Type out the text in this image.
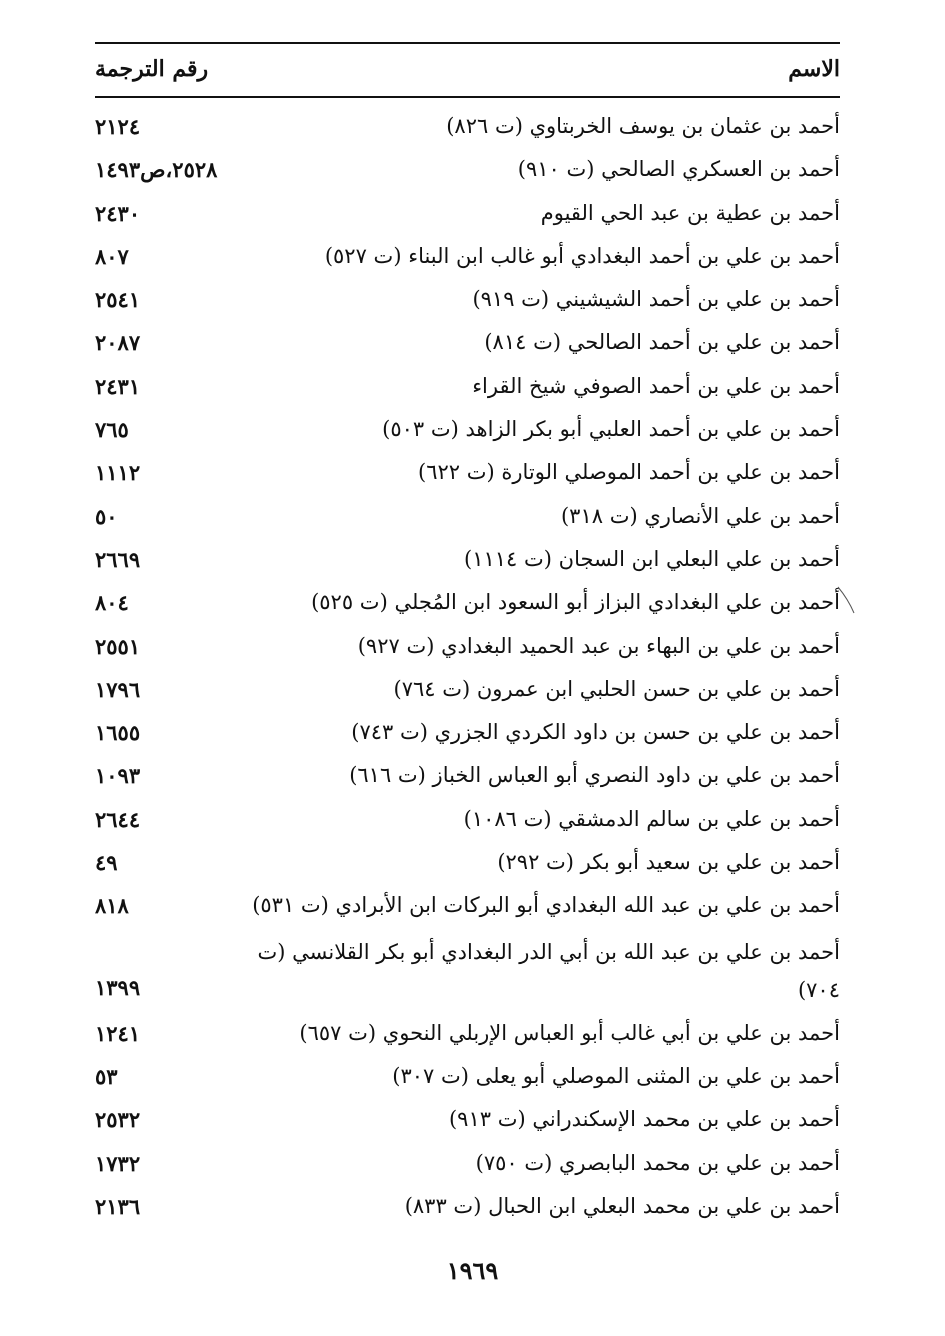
الاسم
رقم الترجمة
أحمد بن عثمان بن يوسف الخربتاوي (ت ٨٢٦)
٢١٢٤
أحمد بن العسكري الصالحي (ت ٩١٠)
٢٥٢٨،ص١٤٩٣
أحمد بن عطية بن عبد الحي القيوم
٢٤٣٠
أحمد بن علي بن أحمد البغدادي أبو غالب ابن البناء (ت ٥٢٧)
٨٠٧
أحمد بن علي بن أحمد الشيشيني (ت ٩١٩)
٢٥٤١
أحمد بن علي بن أحمد الصالحي (ت ٨١٤)
٢٠٨٧
أحمد بن علي بن أحمد الصوفي شيخ القراء
٢٤٣١
أحمد بن علي بن أحمد العلبي أبو بكر الزاهد (ت ٥٠٣)
٧٦٥
أحمد بن علي بن أحمد الموصلي الوتارة (ت ٦٢٢)
١١١٢
أحمد بن علي الأنصاري (ت ٣١٨)
٥٠
أحمد بن علي البعلي ابن السجان (ت ١١١٤)
٢٦٦٩
أحمد بن علي البغدادي البزاز أبو السعود ابن المُجلي (ت ٥٢٥)
٨٠٤
أحمد بن علي بن البهاء بن عبد الحميد البغدادي (ت ٩٢٧)
٢٥٥١
أحمد بن علي بن حسن الحلبي ابن عمرون (ت ٧٦٤)
١٧٩٦
أحمد بن علي بن حسن بن داود الكردي الجزري (ت ٧٤٣)
١٦٥٥
أحمد بن علي بن داود النصري أبو العباس الخباز (ت ٦١٦)
١٠٩٣
أحمد بن علي بن سالم الدمشقي (ت ١٠٨٦)
٢٦٤٤
أحمد بن علي بن سعيد أبو بكر (ت ٢٩٢)
٤٩
أحمد بن علي بن عبد الله البغدادي أبو البركات ابن الأبرادي (ت ٥٣١)
٨١٨
أحمد بن علي بن عبد الله بن أبي الدر البغدادي أبو بكر القلانسي (ت ٧٠٤)
١٣٩٩
أحمد بن علي بن أبي غالب أبو العباس الإربلي النحوي (ت ٦٥٧)
١٢٤١
أحمد بن علي بن المثنى الموصلي أبو يعلى (ت ٣٠٧)
٥٣
أحمد بن علي بن محمد الإسكندراني (ت ٩١٣)
٢٥٣٢
أحمد بن علي بن محمد البابصري (ت ٧٥٠)
١٧٣٢
أحمد بن علي بن محمد البعلي ابن الحبال (ت ٨٣٣)
٢١٣٦
١٩٦٩
